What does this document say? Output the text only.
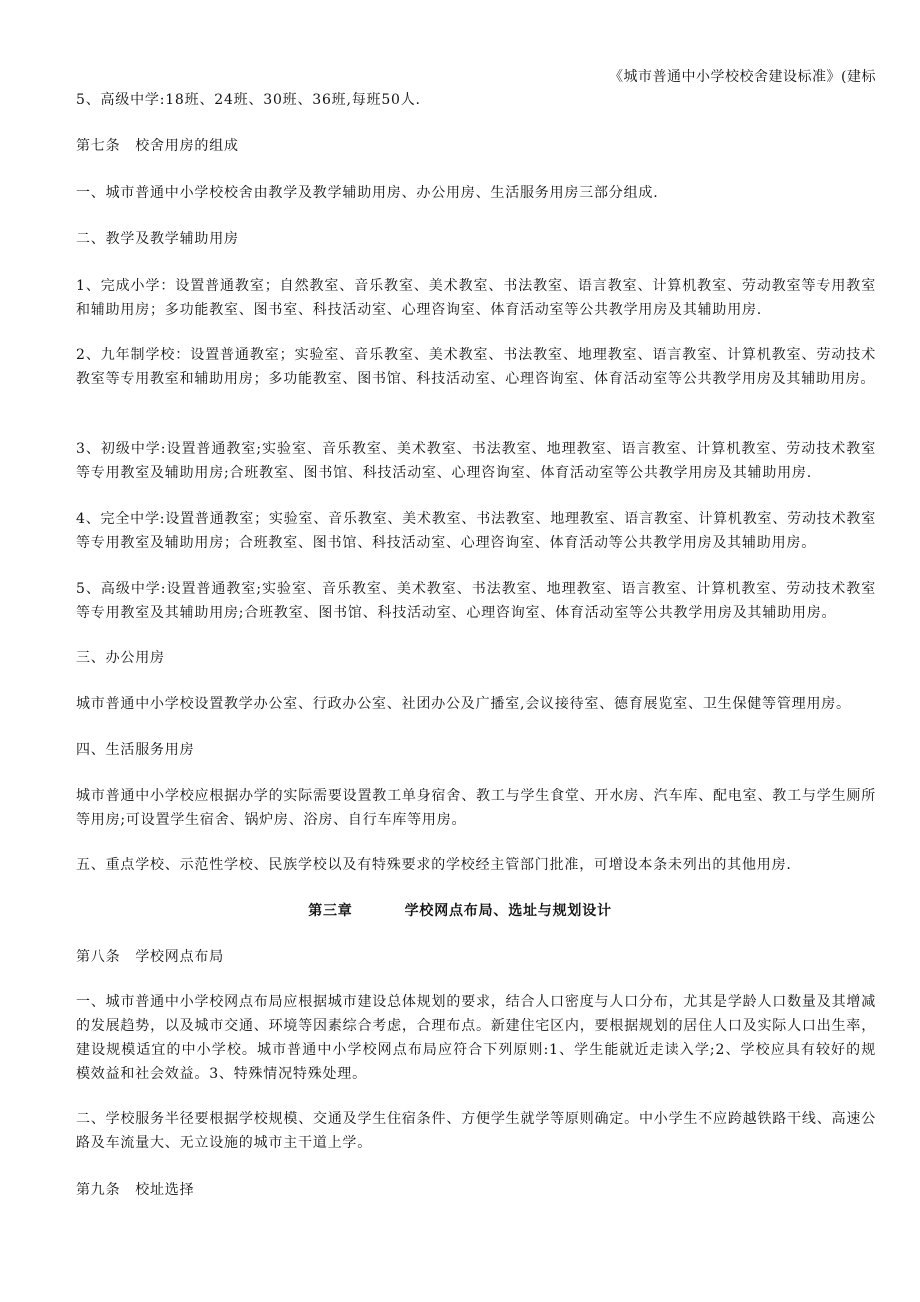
《城市普通中小学校校舍建设标准》(建标
5、高级中学:18班、24班、30班、36班,每班50人.
第七条　校舍用房的组成
一、城市普通中小学校校舍由教学及教学辅助用房、办公用房、生活服务用房三部分组成.
二、教学及教学辅助用房
1、完成小学：设置普通教室；自然教室、音乐教室、美术教室、书法教室、语言教室、计算机教室、劳动教室等专用教室和辅助用房；多功能教室、图书室、科技活动室、心理咨询室、体育活动室等公共教学用房及其辅助用房.
2、九年制学校：设置普通教室；实验室、音乐教室、美术教室、书法教室、地理教室、语言教室、计算机教室、劳动技术教室等专用教室和辅助用房；多功能教室、图书馆、科技活动室、心理咨询室、体育活动室等公共教学用房及其辅助用房。
3、初级中学:设置普通教室;实验室、音乐教室、美术教室、书法教室、地理教室、语言教室、计算机教室、劳动技术教室等专用教室及辅助用房;合班教室、图书馆、科技活动室、心理咨询室、体育活动室等公共教学用房及其辅助用房.
4、完全中学:设置普通教室；实验室、音乐教室、美术教室、书法教室、地理教室、语言教室、计算机教室、劳动技术教室等专用教室及辅助用房；合班教室、图书馆、科技活动室、心理咨询室、体育活动等公共教学用房及其辅助用房。
5、高级中学:设置普通教室;实验室、音乐教室、美术教室、书法教室、地理教室、语言教室、计算机教室、劳动技术教室等专用教室及其辅助用房;合班教室、图书馆、科技活动室、心理咨询室、体育活动室等公共教学用房及其辅助用房。
三、办公用房
城市普通中小学校设置教学办公室、行政办公室、社团办公及广播室,会议接待室、德育展览室、卫生保健等管理用房。
四、生活服务用房
城市普通中小学校应根据办学的实际需要设置教工单身宿舍、教工与学生食堂、开水房、汽车库、配电室、教工与学生厕所等用房;可设置学生宿舍、锅炉房、浴房、自行车库等用房。
五、重点学校、示范性学校、民族学校以及有特殊要求的学校经主管部门批准，可增设本条未列出的其他用房.
第三章	学校网点布局、选址与规划设计
第八条　学校网点布局
一、城市普通中小学校网点布局应根据城市建设总体规划的要求，结合人口密度与人口分布，尤其是学龄人口数量及其增减的发展趋势，以及城市交通、环境等因素综合考虑，合理布点。新建住宅区内，要根据规划的居住人口及实际人口出生率，建设规模适宜的中小学校。城市普通中小学校网点布局应符合下列原则:1、学生能就近走读入学;2、学校应具有较好的规模效益和社会效益。3、特殊情况特殊处理。
二、学校服务半径要根据学校规模、交通及学生住宿条件、方便学生就学等原则确定。中小学生不应跨越铁路干线、高速公路及车流量大、无立设施的城市主干道上学。
第九条　校址选择
